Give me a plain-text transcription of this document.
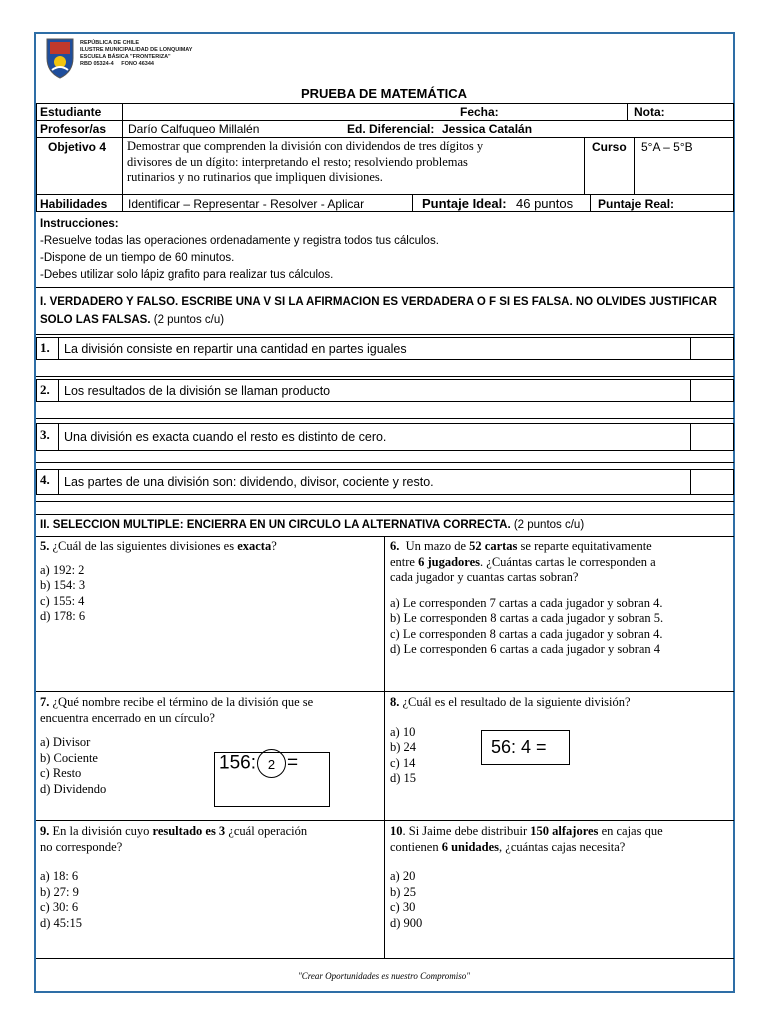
REPÚBLICA DE CHILE
ILUSTRE MUNICIPALIDAD DE LONQUIMAY
ESCUELA BÁSICA "FRONTERIZA"
RBD 05324-4     FONO 46344
PRUEBA DE MATEMÁTICA
Estudiante	Fecha:	Nota:
Profesor/as Darío Calfuqueo Millalén	Ed. Diferencial: Jessica Catalán
Objetivo 4 Demostrar que comprenden la división con dividendos de tres dígitos y
divisores de un dígito: interpretando el resto; resolviendo problemas
rutinarios y no rutinarios que impliquen divisiones.
Curso 5°A – 5°B
Habilidades Identificar – Representar - Resolver - Aplicar	Puntaje Ideal: 46 puntos Puntaje Real:
Instrucciones:
-Resuelve todas las operaciones ordenadamente y registra todos tus cálculos.
-Dispone de un tiempo de 60 minutos.
-Debes utilizar solo lápiz grafito para realizar tus cálculos.
I. VERDADERO Y FALSO. ESCRIBE UNA V SI LA AFIRMACION ES VERDADERA O F SI ES FALSA. NO OLVIDES JUSTIFICAR
SOLO LAS FALSAS. (2 puntos c/u)
1. La división consiste en repartir una cantidad en partes iguales
2. Los resultados de la división se llaman producto
3. Una división es exacta cuando el resto es distinto de cero.
4. Las partes de una división son: dividendo, divisor, cociente y resto.
II. SELECCION MULTIPLE: ENCIERRA EN UN CIRCULO LA ALTERNATIVA CORRECTA. (2 puntos c/u)
5. ¿Cuál de las siguientes divisiones es exacta?
a) 192: 2
b) 154: 3
c) 155: 4
d) 178: 6
6.  Un mazo de 52 cartas se reparte equitativamente
entre 6 jugadores. ¿Cuántas cartas le corresponden a
cada jugador y cuantas cartas sobran?
a) Le corresponden 7 cartas a cada jugador y sobran 4.
b) Le corresponden 8 cartas a cada jugador y sobran 5.
c) Le corresponden 8 cartas a cada jugador y sobran 4.
d) Le corresponden 6 cartas a cada jugador y sobran 4
7. ¿Qué nombre recibe el término de la división que se
encuentra encerrado en un círculo?
a) Divisor
b) Cociente
c) Resto
d) Dividendo
156: 2 =
8. ¿Cuál es el resultado de la siguiente división?
a) 10
b) 24
c) 14
d) 15
56: 4 =
9. En la división cuyo resultado es 3 ¿cuál operación
no corresponde?
a) 18: 6
b) 27: 9
c) 30: 6
d) 45:15
10. Si Jaime debe distribuir 150 alfajores en cajas que
contienen 6 unidades, ¿cuántas cajas necesita?
a) 20
b) 25
c) 30
d) 900
"Crear Oportunidades es nuestro Compromiso"
